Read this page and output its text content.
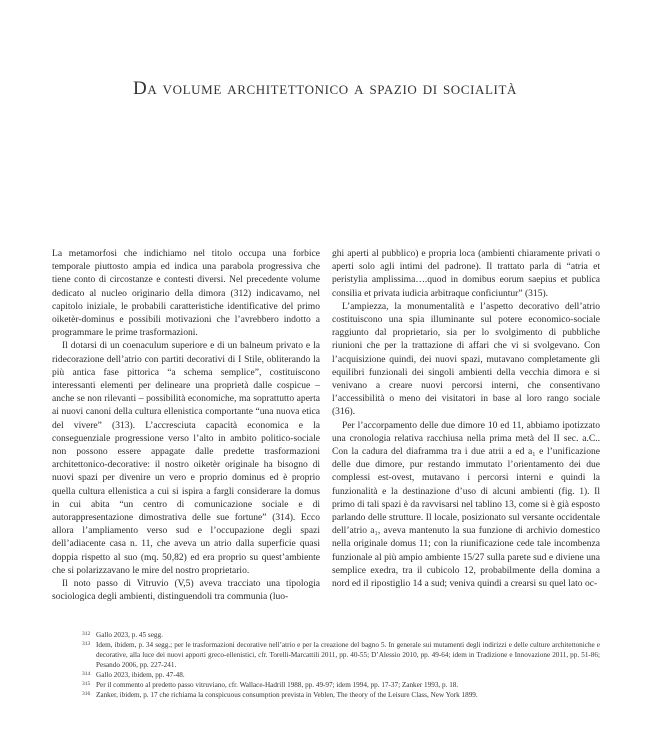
Da volume architettonico a spazio di socialità

La metamorfosi che indichiamo nel titolo occupa una forbice temporale piuttosto ampia ed indica una parabola progressiva che tiene conto di circostanze e contesti diversi. Nel precedente volume dedicato al nucleo originario della dimora (312) indicavamo, nel capitolo iniziale, le probabili caratteristiche identificative del primo oiketèr-dominus e possibili motivazioni che l’avrebbero indotto a programmare le prime trasformazioni.

Il dotarsi di un coenaculum superiore e di un balneum privato e la ridecorazione dell’atrio con partiti decorativi di I Stile, obliterando la più antica fase pittorica “a schema semplice”, costituiscono interessanti elementi per delineare una proprietà dalle cospicue – anche se non rilevanti – possibilità economiche, ma soprattutto aperta ai nuovi canoni della cultura ellenistica comportante “una nuova etica del vivere” (313). L’accresciuta capacità economica e la conseguenziale progressione verso l’alto in ambito politico-sociale non possono essere appagate dalle predette trasformazioni architettonico-decorative: il nostro oiketèr originale ha bisogno di nuovi spazi per divenire un vero e proprio dominus ed è proprio quella cultura ellenistica a cui si ispira a fargli considerare la domus in cui abita “un centro di comunicazione sociale e di autorappresentazione dimostrativa delle sue fortune” (314). Ecco allora l’ampliamento verso sud e l’occupazione degli spazi dell’adiacente casa n. 11, che aveva un atrio dalla superficie quasi doppia rispetto al suo (mq. 50,82) ed era proprio su quest’ambiente che si polarizzavano le mire del nostro proprietario.

Il noto passo di Vitruvio (V,5) aveva tracciato una tipologia sociologica degli ambienti, distinguendoli tra communia (luo-

ghi aperti al pubblico) e propria loca (ambienti chiaramente privati o aperti solo agli intimi del padrone). Il trattato parla di “atria et peristylia amplissima….quod in domibus eorum saepius et publica consilia et privata iudicia arbitraque conficiuntur” (315).

L’ampiezza, la monumentalità e l’aspetto decorativo dell’atrio costituiscono una spia illuminante sul potere economico-sociale raggiunto dal proprietario, sia per lo svolgimento di pubbliche riunioni che per la trattazione di affari che vi si svolgevano. Con l’acquisizione quindi, dei nuovi spazi, mutavano completamente gli equilibri funzionali dei singoli ambienti della vecchia dimora e si venivano a creare nuovi percorsi interni, che consentivano l’accessibilità o meno dei visitatori in base al loro rango sociale (316).

Per l’accorpamento delle due dimore 10 ed 11, abbiamo ipotizzato una cronologia relativa racchiusa nella prima metà del II sec. a.C.. Con la cadura del diaframma tra i due atrii a ed a₁ e l’unificazione delle due dimore, pur restando immutato l’orientamento dei due complessi est-ovest, mutavano i percorsi interni e quindi la funzionalità e la destinazione d’uso di alcuni ambienti (fig. 1). Il primo di tali spazi è da ravvisarsi nel tablino 13, come si è già esposto parlando delle strutture. Il locale, posizionato sul versante occidentale dell’atrio a₁, aveva mantenuto la sua funzione di archivio domestico nella originale domus 11; con la riunificazione cede tale incombenza funzionale al più ampio ambiente 15/27 sulla parete sud e diviene una semplice exedra, tra il cubicolo 12, probabilmente della domina a nord ed il ripostiglio 14 a sud; veniva quindi a crearsi su quel lato oc-

312 Gallo 2023, p. 45 segg.
313 Idem, ibidem, p. 34 segg.; per le trasformazioni decorative nell’atrio e per la creazione del bagno 5. In generale sui mutamenti degli indirizzi e delle culture architettoniche e decorative, alla luce dei nuovi apporti greco-ellenistici, cfr. Torelli-Marcattili 2011, pp. 40-55; D’Alessio 2010, pp. 49-64; idem in Tradizione e Innovazione 2011, pp. 51-86; Pesando 2006, pp. 227-241.
314 Gallo 2023, ibidem, pp. 47-48.
315 Per il commento al predetto passo vitruviano, cfr. Wallace-Hadrill 1988, pp. 49-97; idem 1994, pp. 17-37; Zanker 1993, p. 18.
316 Zanker, ibidem, p. 17 che richiama la conspicuous consumption prevista in Veblen, The theory of the Leisure Class, New York 1899.
